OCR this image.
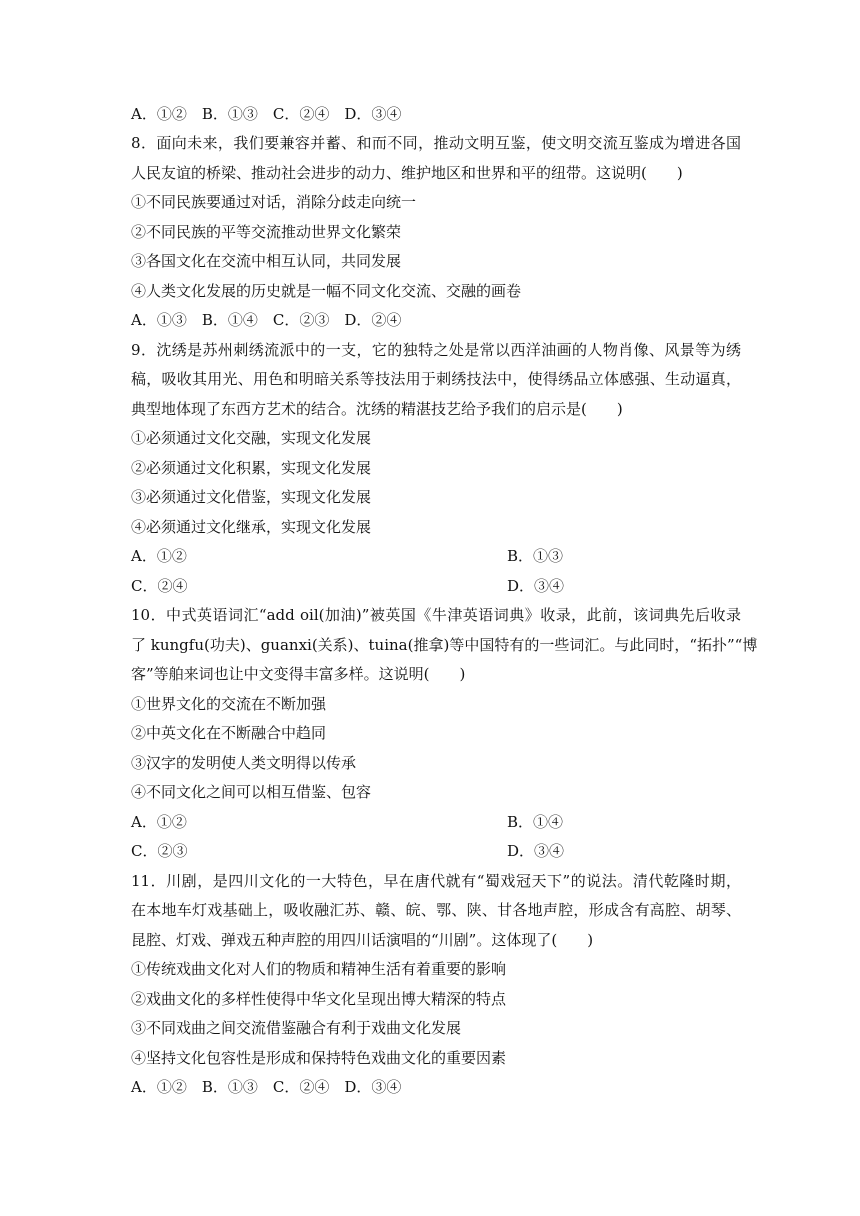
A．①②　B．①③　C．②④　D．③④
8．面向未来，我们要兼容并蓄、和而不同，推动文明互鉴，使文明交流互鉴成为增进各国
人民友谊的桥梁、推动社会进步的动力、维护地区和世界和平的纽带。这说明(　　)
①不同民族要通过对话，消除分歧走向统一
②不同民族的平等交流推动世界文化繁荣
③各国文化在交流中相互认同，共同发展
④人类文化发展的历史就是一幅不同文化交流、交融的画卷
A．①③　B．①④　C．②③　D．②④
9．沈绣是苏州刺绣流派中的一支，它的独特之处是常以西洋油画的人物肖像、风景等为绣
稿，吸收其用光、用色和明暗关系等技法用于刺绣技法中，使得绣品立体感强、生动逼真，
典型地体现了东西方艺术的结合。沈绣的精湛技艺给予我们的启示是(　　)
①必须通过文化交融，实现文化发展
②必须通过文化积累，实现文化发展
③必须通过文化借鉴，实现文化发展
④必须通过文化继承，实现文化发展
A．①②	B．①③
C．②④	D．③④
10．中式英语词汇“add oil(加油)”被英国《牛津英语词典》收录，此前，该词典先后收录
了 kungfu(功夫)、guanxi(关系)、tuina(推拿)等中国特有的一些词汇。与此同时，“拓扑”“博
客”等舶来词也让中文变得丰富多样。这说明(　　)
①世界文化的交流在不断加强
②中英文化在不断融合中趋同
③汉字的发明使人类文明得以传承
④不同文化之间可以相互借鉴、包容
A．①②	B．①④
C．②③	D．③④
11．川剧，是四川文化的一大特色，早在唐代就有“蜀戏冠天下”的说法。清代乾隆时期，
在本地车灯戏基础上，吸收融汇苏、赣、皖、鄂、陕、甘各地声腔，形成含有高腔、胡琴、
昆腔、灯戏、弹戏五种声腔的用四川话演唱的“川剧”。这体现了(　　)
①传统戏曲文化对人们的物质和精神生活有着重要的影响
②戏曲文化的多样性使得中华文化呈现出博大精深的特点
③不同戏曲之间交流借鉴融合有利于戏曲文化发展
④坚持文化包容性是形成和保持特色戏曲文化的重要因素
A．①②　B．①③　C．②④　D．③④
